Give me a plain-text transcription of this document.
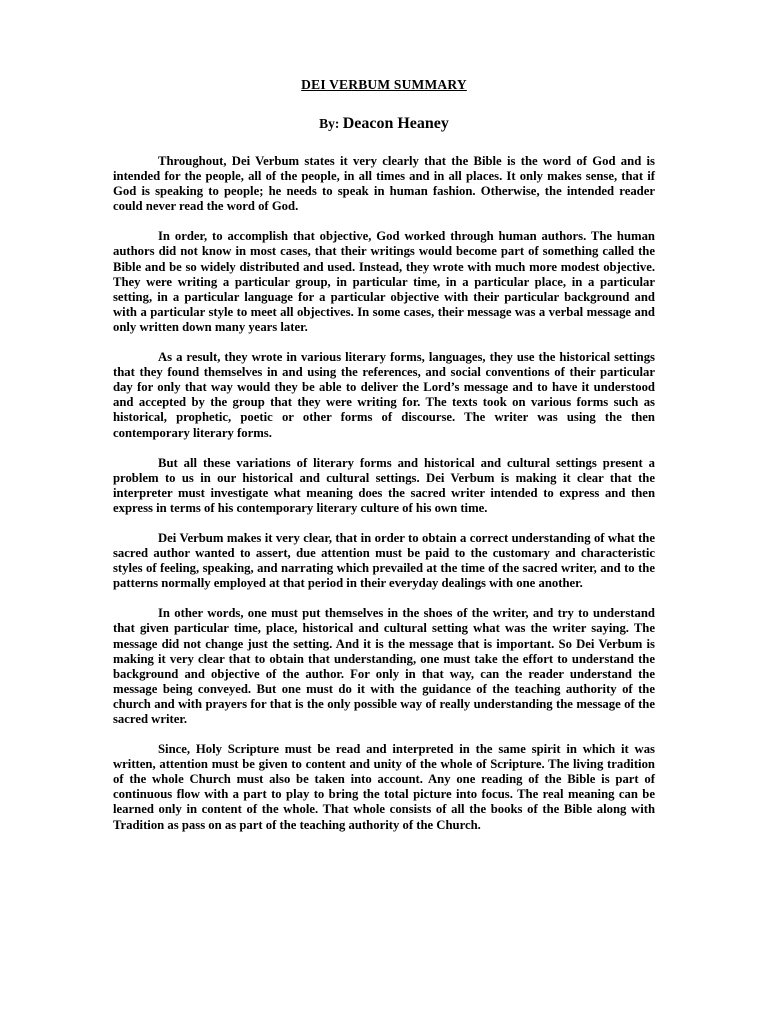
DEI VERBUM SUMMARY
By: Deacon Heaney

Throughout, Dei Verbum states it very clearly that the Bible is the word of God and is intended for the people, all of the people, in all times and in all places. It only makes sense, that if God is speaking to people; he needs to speak in human fashion. Otherwise, the intended reader could never read the word of God.

In order, to accomplish that objective, God worked through human authors. The human authors did not know in most cases, that their writings would become part of something called the Bible and be so widely distributed and used. Instead, they wrote with much more modest objective. They were writing a particular group, in particular time, in a particular place, in a particular setting, in a particular language for a particular objective with their particular background and with a particular style to meet all objectives. In some cases, their message was a verbal message and only written down many years later.

As a result, they wrote in various literary forms, languages, they use the historical settings that they found themselves in and using the references, and social conventions of their particular day for only that way would they be able to deliver the Lord’s message and to have it understood and accepted by the group that they were writing for. The texts took on various forms such as historical, prophetic, poetic or other forms of discourse. The writer was using the then contemporary literary forms.

But all these variations of literary forms and historical and cultural settings present a problem to us in our historical and cultural settings. Dei Verbum is making it clear that the interpreter must investigate what meaning does the sacred writer intended to express and then express in terms of his contemporary literary culture of his own time.

Dei Verbum makes it very clear, that in order to obtain a correct understanding of what the sacred author wanted to assert, due attention must be paid to the customary and characteristic styles of feeling, speaking, and narrating which prevailed at the time of the sacred writer, and to the patterns normally employed at that period in their everyday dealings with one another.

In other words, one must put themselves in the shoes of the writer, and try to understand that given particular time, place, historical and cultural setting what was the writer saying. The message did not change just the setting. And it is the message that is important. So Dei Verbum is making it very clear that to obtain that understanding, one must take the effort to understand the background and objective of the author. For only in that way, can the reader understand the message being conveyed. But one must do it with the guidance of the teaching authority of the church and with prayers for that is the only possible way of really understanding the message of the sacred writer.

Since, Holy Scripture must be read and interpreted in the same spirit in which it was written, attention must be given to content and unity of the whole of Scripture. The living tradition of the whole Church must also be taken into account. Any one reading of the Bible is part of continuous flow with a part to play to bring the total picture into focus. The real meaning can be learned only in content of the whole. That whole consists of all the books of the Bible along with Tradition as pass on as part of the teaching authority of the Church.
